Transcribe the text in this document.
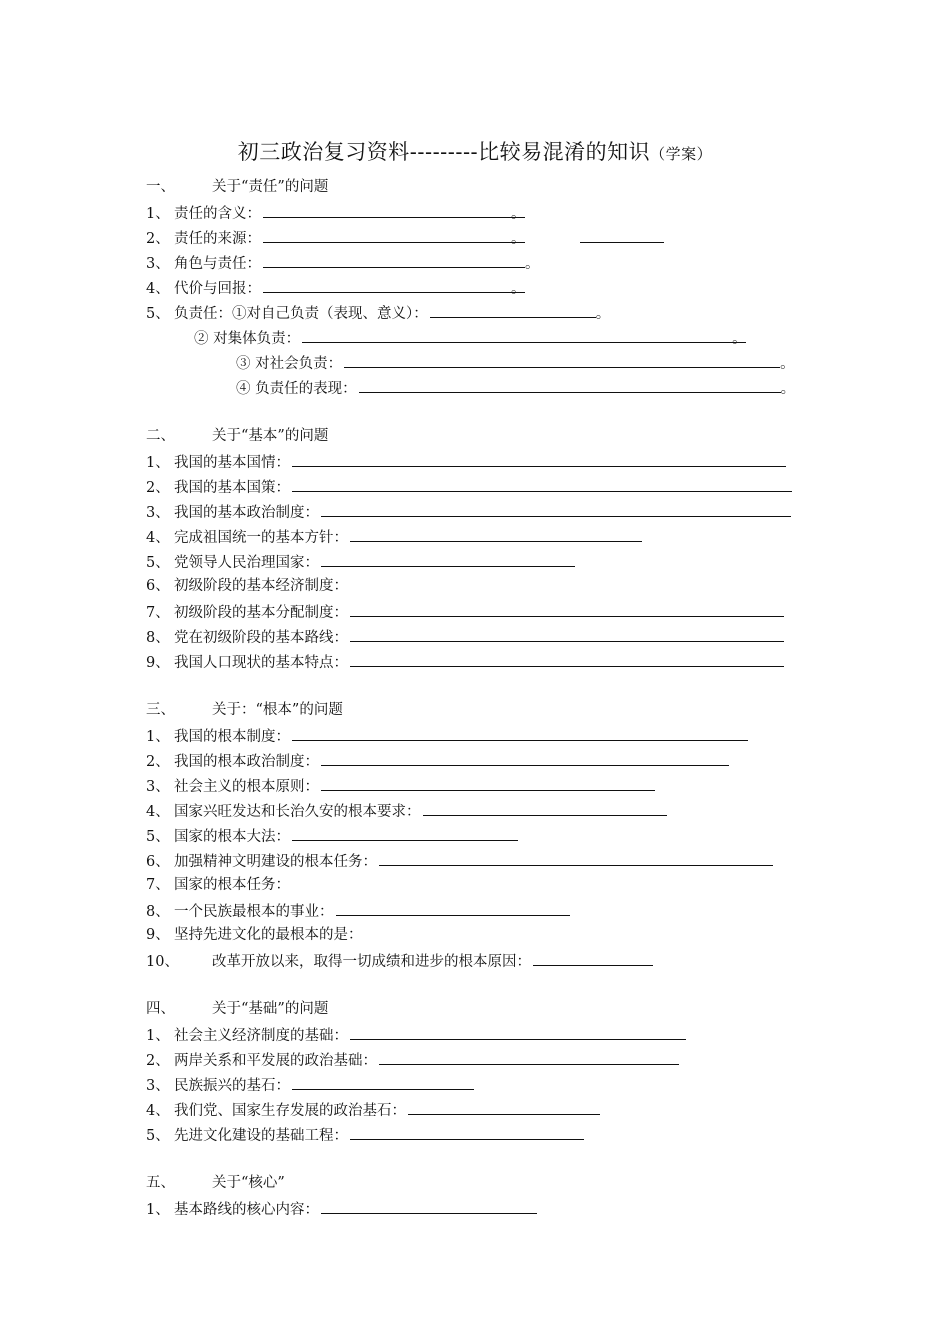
初三政治复习资料---------比较易混淆的知识（学案）
一、	关于“责任”的问题
1、 责任的含义：	。
2、 责任的来源：	。
3、 角色与责任：	。
4、 代价与回报：	。
5、 负责任：①对自己负责（表现、意义）：	。
② 对集体负责：	。
③ 对社会负责：	。
④ 负责任的表现：	。
二、	关于“基本”的问题
1、 我国的基本国情：
2、 我国的基本国策：
3、 我国的基本政治制度：
4、 完成祖国统一的基本方针：
5、 党领导人民治理国家：
6、 初级阶段的基本经济制度：
7、 初级阶段的基本分配制度：
8、 党在初级阶段的基本路线：
9、 我国人口现状的基本特点：
三、	关于：“根本”的问题
1、 我国的根本制度：
2、 我国的根本政治制度：
3、 社会主义的根本原则：
4、 国家兴旺发达和长治久安的根本要求：
5、 国家的根本大法：
6、 加强精神文明建设的根本任务：
7、 国家的根本任务：
8、 一个民族最根本的事业：
9、 坚持先进文化的最根本的是：
10、 改革开放以来，取得一切成绩和进步的根本原因：
四、	关于“基础”的问题
1、 社会主义经济制度的基础：
2、 两岸关系和平发展的政治基础：
3、 民族振兴的基石：
4、 我们党、国家生存发展的政治基石：
5、 先进文化建设的基础工程：
五、	关于“核心”
1、 基本路线的核心内容：
